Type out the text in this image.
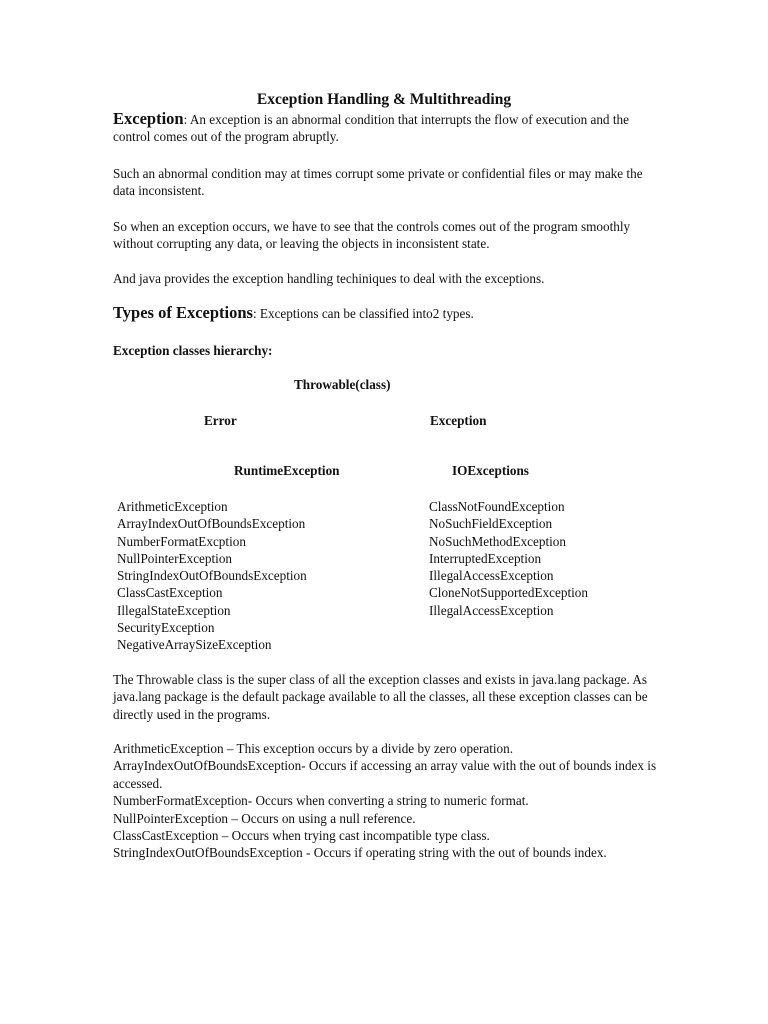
Exception Handling & Multithreading
Exception: An exception is an abnormal condition that interrupts the flow of execution and the control comes out of the program abruptly.
Such an abnormal condition may at times corrupt some private or confidential files or may make the data inconsistent.
So when an exception occurs, we have to see that the controls comes out of the program smoothly without corrupting any data, or leaving the objects in inconsistent state.
And java provides the exception handling techiniques to deal with the exceptions.
Types of Exceptions: Exceptions can be classified into2 types.
Exception classes hierarchy:
Throwable(class)
Error	Exception
RuntimeException	IOExceptions
ArithmeticException
ArrayIndexOutOfBoundsException
NumberFormatExcption
NullPointerException
StringIndexOutOfBoundsException
ClassCastException
IllegalStateException
SecurityException
NegativeArraySizeException
ClassNotFoundException
NoSuchFieldException
NoSuchMethodException
InterruptedException
IllegalAccessException
CloneNotSupportedException
IllegalAccessException
The Throwable class is the super class of all the exception classes and exists in java.lang package. As java.lang package is the default package available to all the classes, all these exception classes can be directly used in the programs.
ArithmeticException – This exception occurs by a divide by zero operation.
ArrayIndexOutOfBoundsException- Occurs if accessing an array value with the out of bounds index is accessed.
NumberFormatException- Occurs when converting a string to numeric format.
NullPointerException – Occurs on using a null reference.
ClassCastException – Occurs when trying cast incompatible type class.
StringIndexOutOfBoundsException - Occurs if operating string with the out of bounds index.
